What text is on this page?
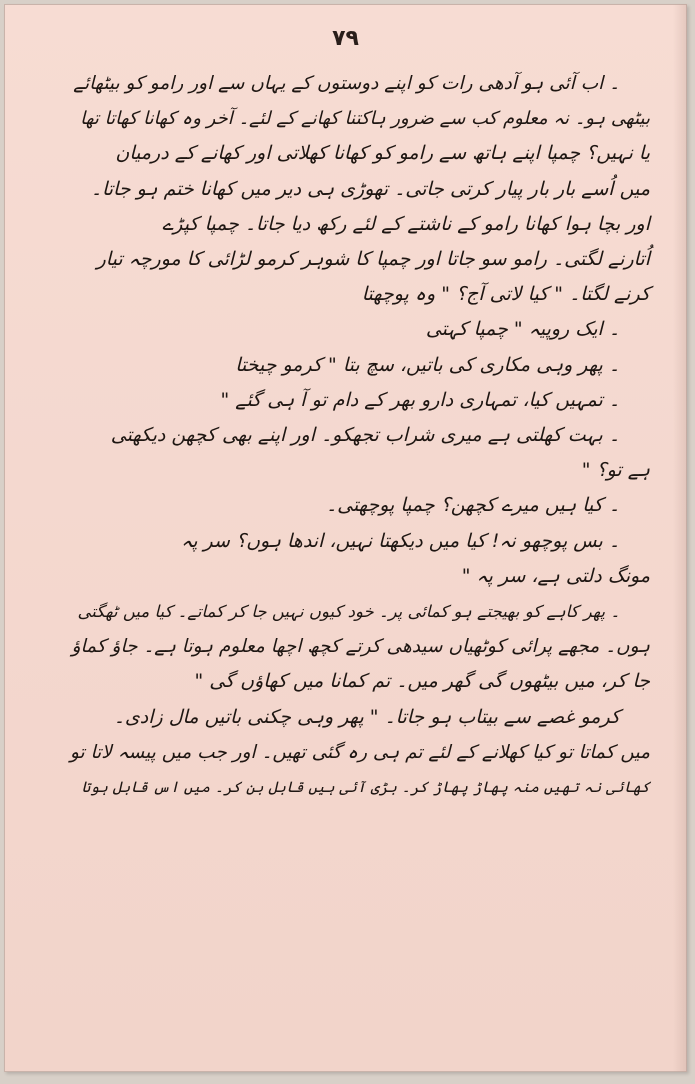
۷۹
۔ اب آئی ہو آدھی رات کو اپنے دوستوں کے یہاں سے اور رامو کو بیٹھائے
بیٹھی ہو۔ نہ معلوم کب سے ضرور ہاکتنا کھانے کے لئے۔ آخر وہ کھانا کھاتا تھا
یا نہیں؟ چمپا اپنے ہاتھ سے رامو کو کھانا کھلاتی اور کھانے کے درمیان
میں اُسے بار بار پیار کرتی جاتی۔ تھوڑی ہی دیر میں کھانا ختم ہو جاتا۔
اور بچا ہوا کھانا رامو کے ناشتے کے لئے رکھ دیا جاتا۔ چمپا کپڑے
اُتارنے لگتی۔ رامو سو جاتا اور چمپا کا شوہر کرمو لڑائی کا مورچہ تیار
کرنے لگتا۔ " کیا لاتی آج؟ " وہ پوچھتا
۔ ایک روپیہ " چمپا کہتی
۔ پھر وہی مکاری کی باتیں، سچ بتا " کرمو چیختا
۔ تمہیں کیا، تمہاری دارو بھر کے دام تو آ ہی گئے "
۔ بہت کھلتی ہے میری شراب تجھکو۔ اور اپنے بھی کچھن دیکھتی
ہے تو؟ "
۔ کیا ہیں میرے کچھن؟ چمپا پوچھتی۔
۔ بس پوچھو نہ! کیا میں دیکھتا نہیں، اندھا ہوں؟ سر پہ
مونگ دلتی ہے، سر پہ "
۔ پھر کاہے کو بھیجتے ہو کمائی پر۔ خود کیوں نہیں جا کر کماتے۔ کیا میں ٹھگتی
ہوں۔ مجھے پرائی کوٹھیاں سیدھی کرتے کچھ اچھا معلوم ہوتا ہے۔ جاؤ کماؤ
جا کر، میں بیٹھوں گی گھر میں۔ تم کمانا میں کھاؤں گی "
کرمو غصے سے بیتاب ہو جاتا۔ " پھر وہی چکنی باتیں مال زادی۔
میں کماتا تو کیا کھلانے کے لئے تم ہی رہ گئی تھیں۔ اور جب میں پیسہ لاتا تو
کھائی نہ تھیں منہ پھاڑ پھاڑ کر۔ بڑی آئی ہیں قابل بن کر۔ میں اس قابل ہوتا
